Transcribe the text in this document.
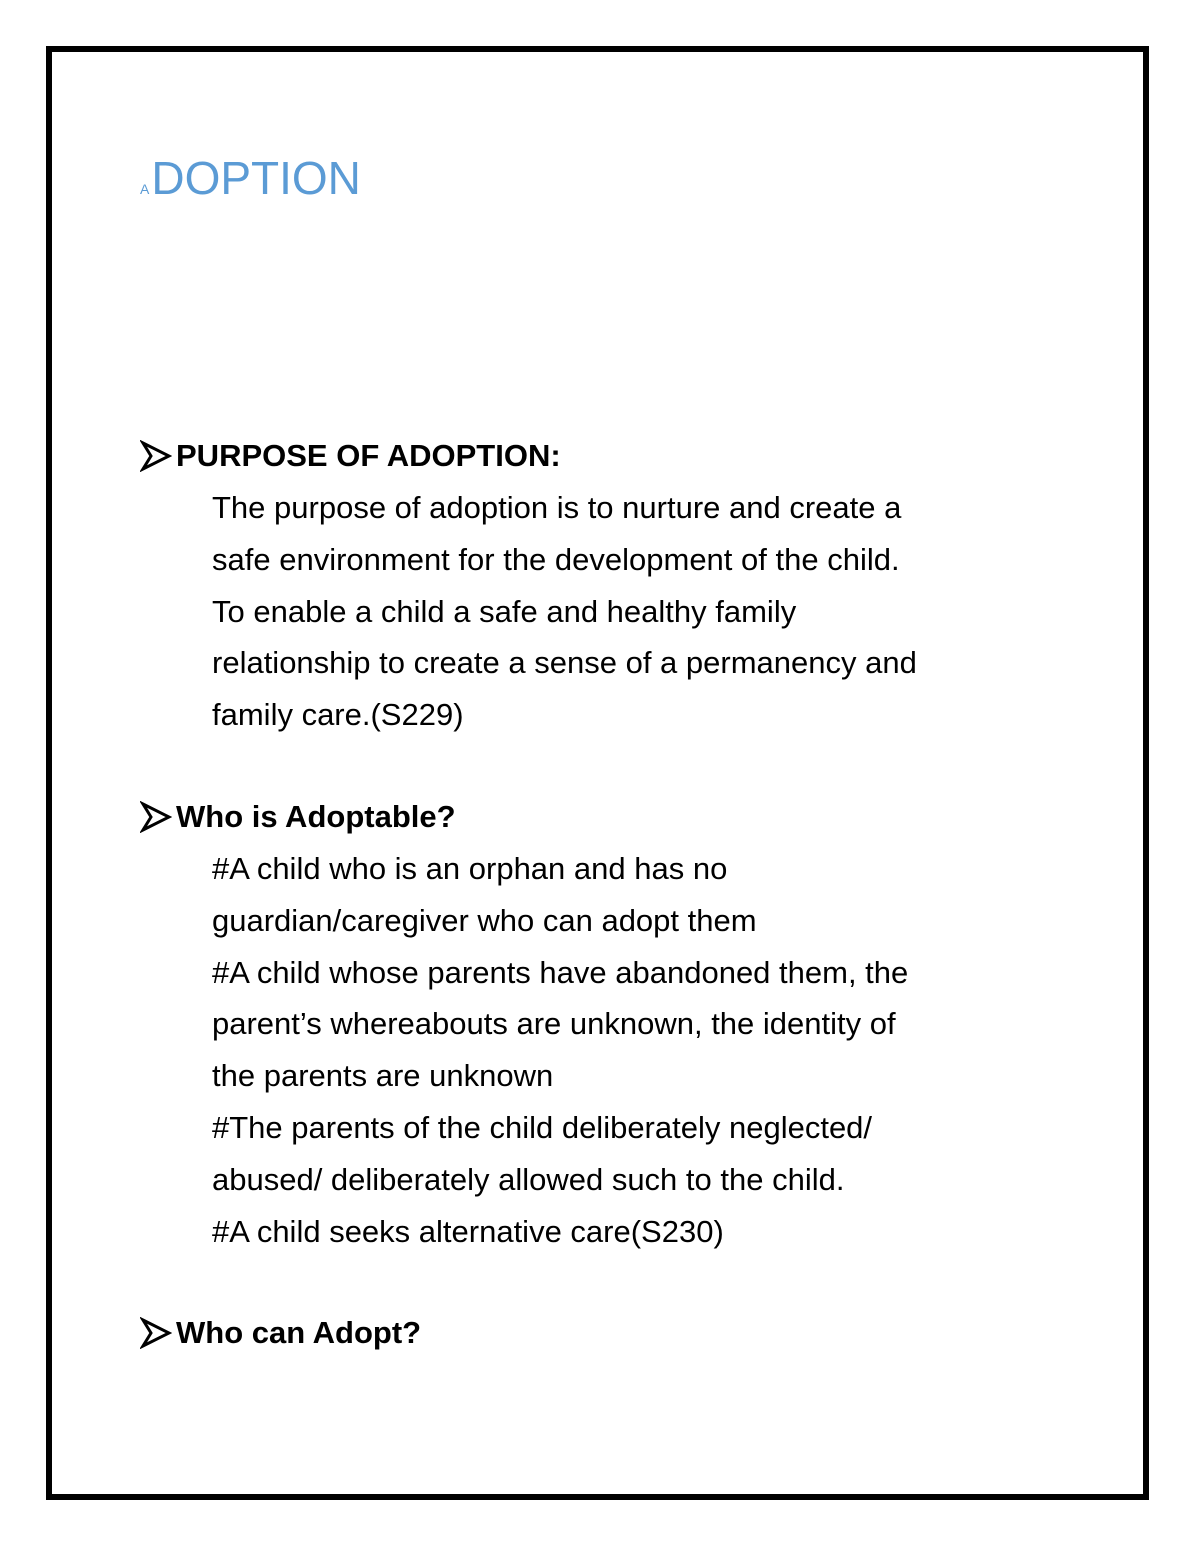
ADOPTION
PURPOSE OF ADOPTION:
The purpose of adoption is to nurture and create a
safe environment for the development of the child.
To enable a child a safe and healthy family
relationship to create a sense of a permanency and
family care.(S229)
Who is Adoptable?
#A child who is an orphan and has no
guardian/caregiver who can adopt them
#A child whose parents have abandoned them, the
parent’s whereabouts are unknown, the identity of
the parents are unknown
#The parents of the child deliberately neglected/
abused/ deliberately allowed such to the child.
#A child seeks alternative care(S230)
Who can Adopt?
